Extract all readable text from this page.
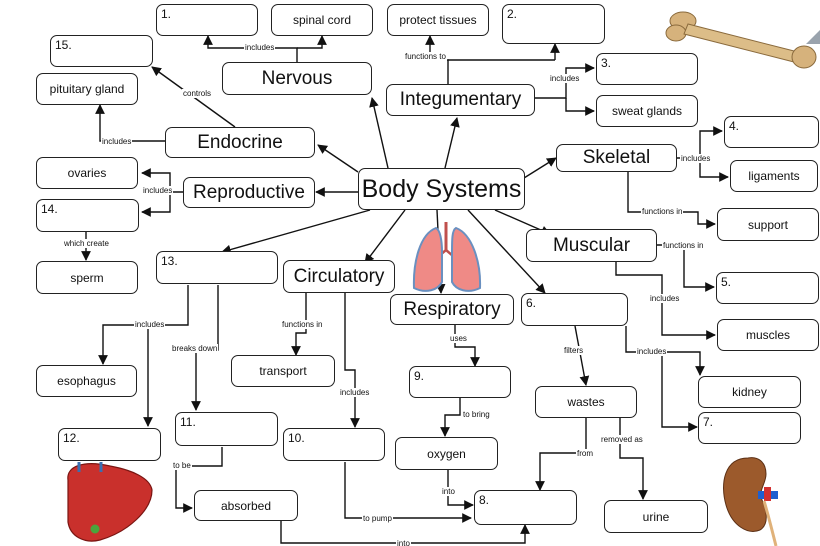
includes
functions to
includes
includes
functions in
functions in
includes
controls
includes
includes
which create
includes
breaks down
functions in
includes
uses
to bring
to be
into
filters	includes
removed as
from
to pump
into
Body Systems
Nervous
Integumentary
Skeletal
Muscular
Endocrine
Reproductive
Circulatory
Respiratory
spinal cord	protect tissues
sweat glands
ligaments
support
muscles
kidney
pituitary gland
ovaries
sperm
esophagus
transport
wastes
oxygen
absorbed
urine
1.	2.
3.
4.
5.
6.
7.
8.
9.
10.
11.
12.
13.
14.
15.
